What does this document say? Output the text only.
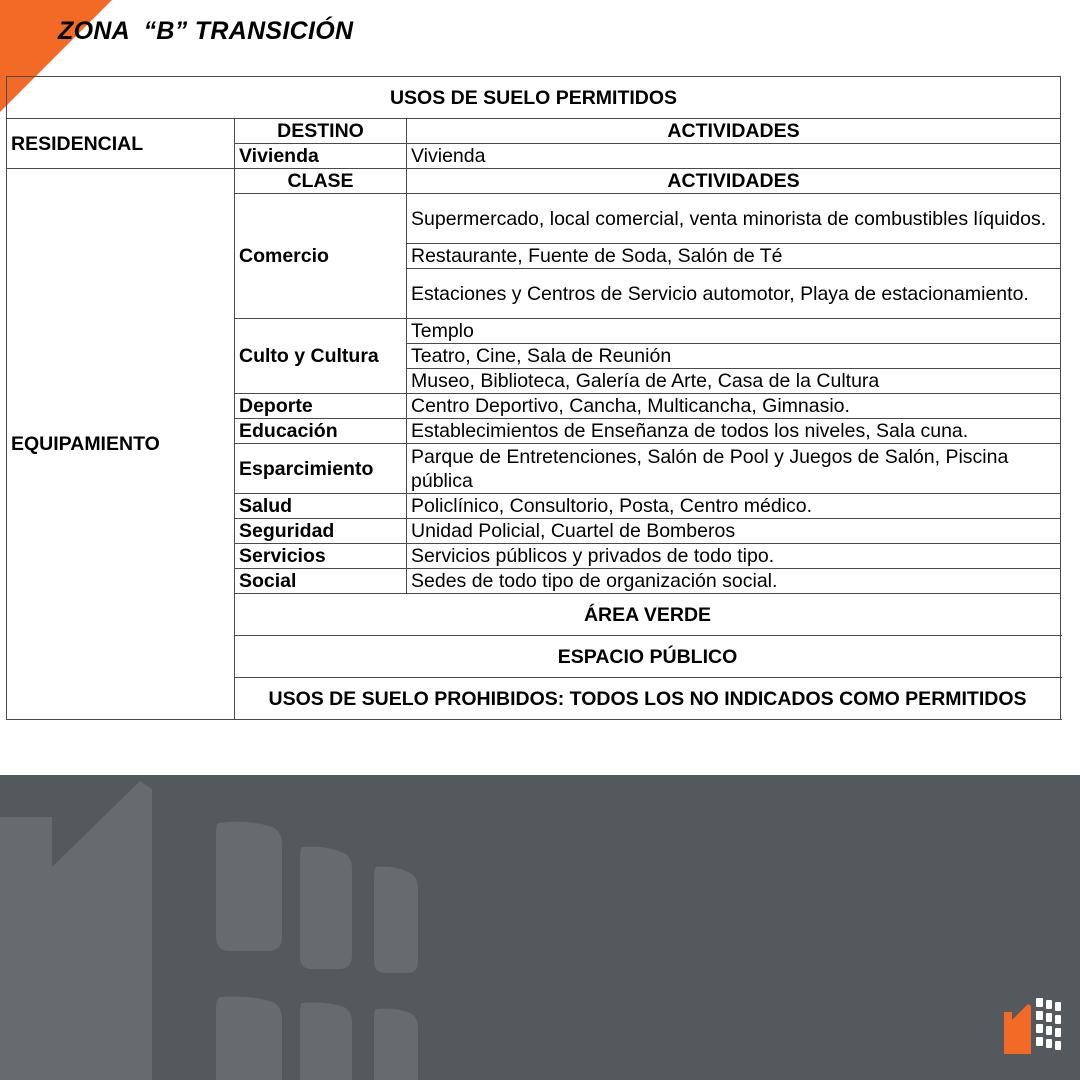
ZONA  “B” TRANSICIÓN
USOS DE SUELO PERMITIDOS		
RESIDENCIAL	DESTINO	ACTIVIDADES
	Vivienda	Vivienda
EQUIPAMIENTO	CLASE	ACTIVIDADES
	Comercio	Supermercado, local comercial, venta minorista de combustibles líquidos.
		Restaurante, Fuente de Soda, Salón de Té
		Estaciones y Centros de Servicio automotor, Playa de estacionamiento.
	Culto y Cultura	Templo
		Teatro, Cine, Sala de Reunión
		Museo, Biblioteca, Galería de Arte, Casa de la Cultura
	Deporte	Centro Deportivo, Cancha, Multicancha, Gimnasio.
	Educación	Establecimientos de Enseñanza de todos los niveles, Sala cuna.
	Esparcimiento	Parque de Entretenciones, Salón de Pool y Juegos de Salón, Piscina pública
	Salud	Policlínico, Consultorio, Posta, Centro médico.
	Seguridad	Unidad Policial, Cuartel de Bomberos
	Servicios	Servicios públicos y privados de todo tipo.
	Social	Sedes de todo tipo de organización social.
	ÁREA VERDE	
	ESPACIO PÚBLICO	
	USOS DE SUELO PROHIBIDOS: TODOS LOS NO INDICADOS COMO PERMITIDOS	
